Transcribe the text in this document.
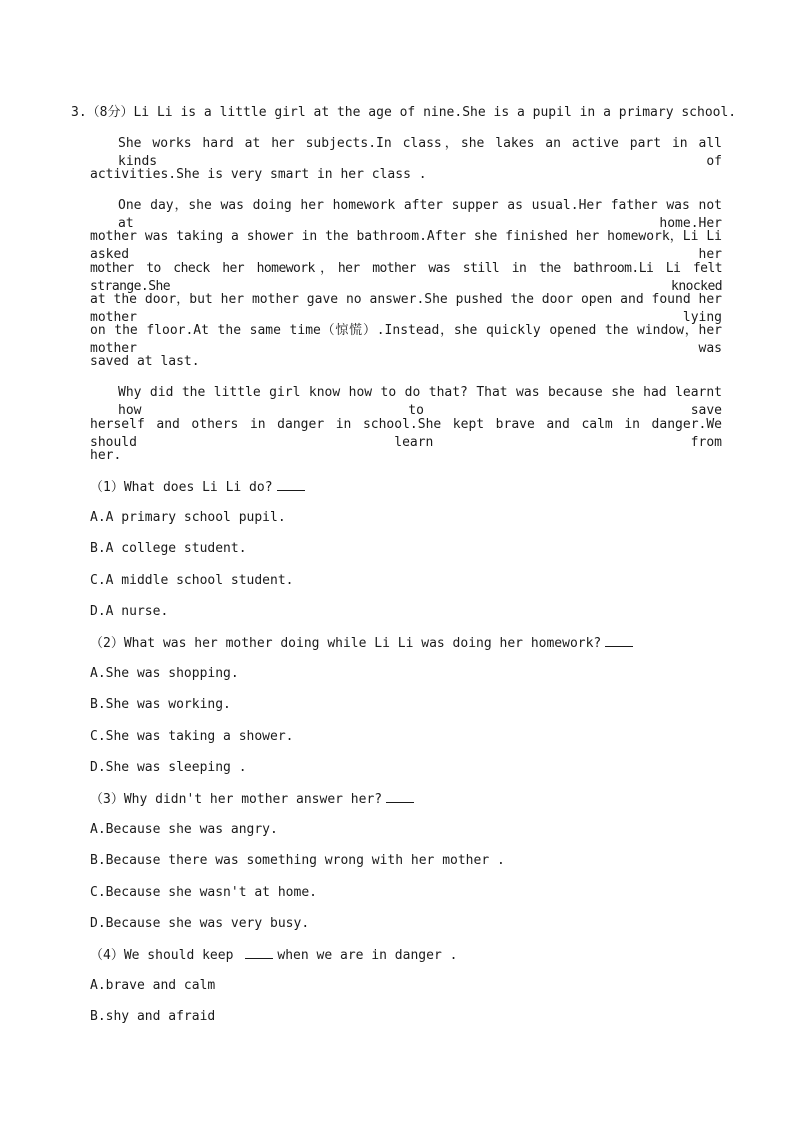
3.（8分）Li Li is a little girl at the age of nine.She is a pupil in a primary school.
She works hard at her subjects.In class，she lakes an active part in all kinds of
activities.She is very smart in her class .
One day，she was doing her homework after supper as usual.Her father was not at home.Her
mother was taking a shower in the bathroom.After she finished her homework，Li Li asked her
mother to check her homework，her mother was still in the bathroom.Li Li felt strange.She knocked
at the door，but her mother gave no answer.She pushed the door open and found her mother lying
on the floor.At the same time（惊慌）.Instead，she quickly opened the window，her mother was
saved at last.
Why did the little girl know how to do that? That was because she had learnt how to save
herself and others in danger in school.She kept brave and calm in danger.We should learn from
her.
（1）What does Li Li do?
A.A primary school pupil.
B.A college student.
C.A middle school student.
D.A nurse.
（2）What was her mother doing while Li Li was doing her homework?
A.She was shopping.
B.She was working.
C.She was taking a shower.
D.She was sleeping .
（3）Why didn't her mother answer her?
A.Because she was angry.
B.Because there was something wrong with her mother .
C.Because she wasn't at home.
D.Because she was very busy.
（4）We should keep	when we are in danger .
A.brave and calm
B.shy and afraid
